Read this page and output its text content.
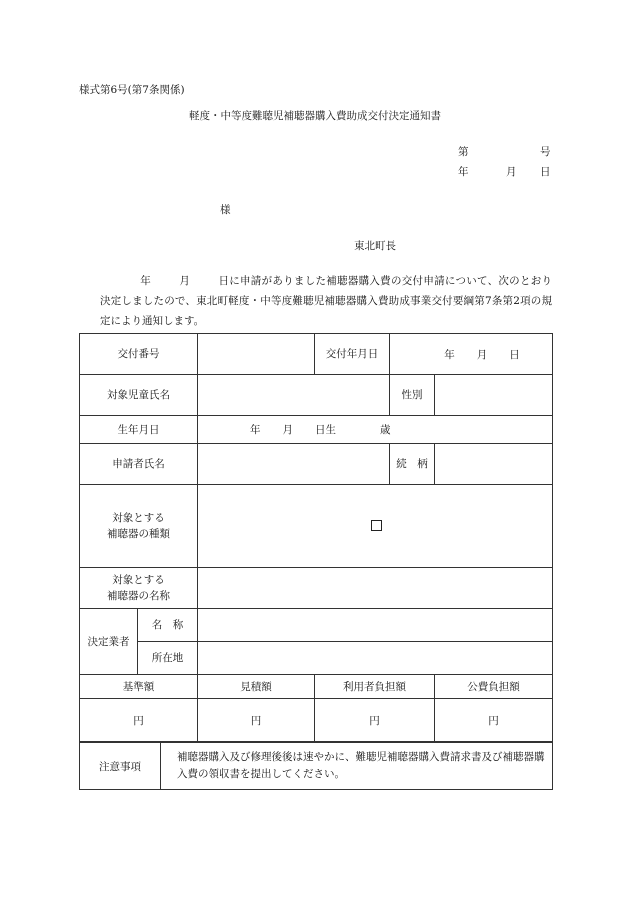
様式第6号(第7条関係)
軽度・中等度難聴児補聴器購入費助成交付決定通知書
第	号
年	月 日
様
東北町長
年	月	日に申請がありました補聴器購入費の交付申請について、次のとおり決定しましたので、東北町軽度・中等度難聴児補聴器購入費助成事業交付要綱第7条第2項の規定により通知します。
交付番号			交付年月日	年 月 日	
対象児童氏名				性別	
生年月日		年 月 日生 歳			
申請者氏名				続　柄	

対象とする
補聴器の種類					

対象とする
補聴器の名称					

決定業者	名　称				
	所在地				
基準額		見積額	利用者負担額		公費負担額
円		円	円		円
注意事項	補聴器購入及び修理後後は速やかに、難聴児補聴器購入費請求書及び補聴器購入費の領収書を提出してください。
